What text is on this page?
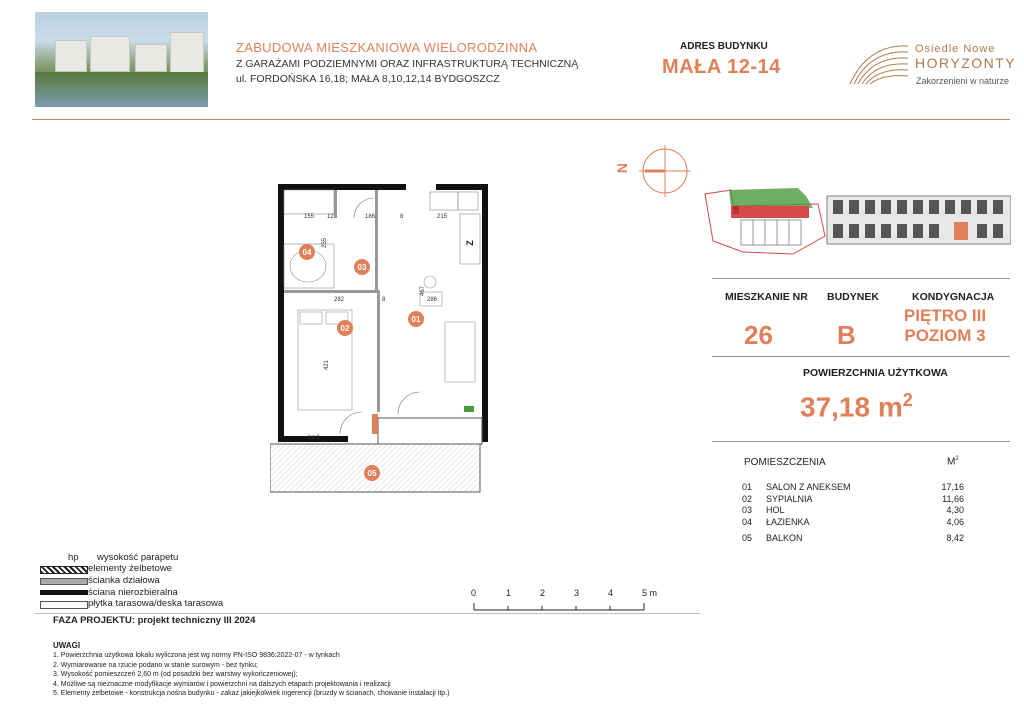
ZABUDOWA MIESZKANIOWA WIELORODZINNA
Z GARAŻAMI PODZIEMNYMI ORAZ INFRASTRUKTURĄ TECHNICZNĄ
ul. FORDOŃSKA 16,18; MAŁA 8,10,12,14 BYDGOSZCZ
ADRES BUDYNKU
MAŁA 12-14
Osiedle Nowe
HORYZONTY
Zakorzenieni w naturze
N
MIESZKANIE NR BUDYNEK	KONDYGNACJA
26 B
PIĘTRO III
POZIOM 3
POWIERZCHNIA UŻYTKOWA
37,18 $m^2$
POMIESZCZENIA	$M^2$
01	SALON Z ANEKSEM	17,16
02	SYPIALNIA	11,66
03	HOL	4,30
04	ŁAZIENKA	4,06
05	BALKON	8,42
155 12	186	8	215
255
282	8	286
421
467
hp 0
Z
01
02
03
04
05
hp wysokość parapetu
elementy żelbetowe
ścianka działowa
ściana nierozbieralna
płytka tarasowa/deska tarasowa
FAZA PROJEKTU: projekt techniczny III 2024
0	1	2	3	4	5 m
UWAGI
1. Powierzchnia użytkowa lokalu wyliczona jest wg normy PN-ISO 9836:2022-07 - w tynkach
2. Wymiarowanie na rzucie podano w stanie surowym - bez tynku;
3. Wysokość pomieszczeń 2,60 m (od posadzki bez warstwy wykończeniowej);
4. Możliwe są nieznaczne modyfikacje wymiarów i powierzchni na dalszych etapach projektowania i realizacji
5. Elementy żelbetowe - konstrukcja nośna budynku - zakaz jakiejkolwiek ingerencji (bruzdy w ścianach, chowanie instalacji itp.)
